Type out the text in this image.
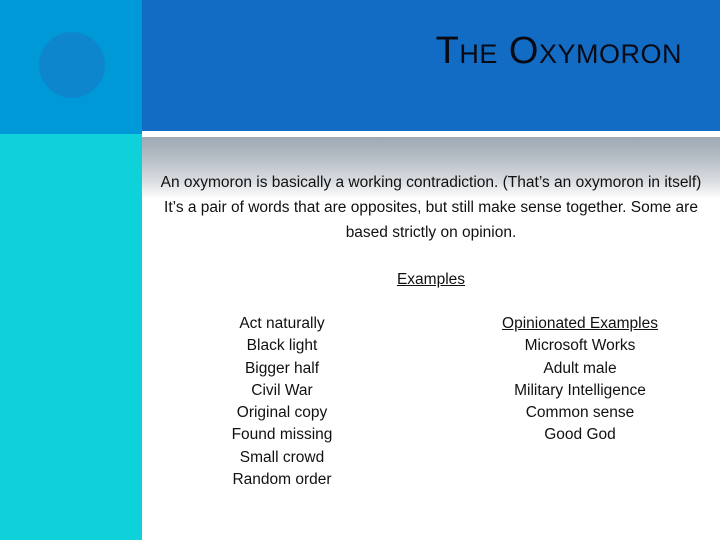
The Oxymoron
An oxymoron is basically a working contradiction. (That’s an oxymoron in itself) It’s a pair of words that are opposites, but still make sense together. Some are based strictly on opinion.
Examples
Act naturally
Black light
Bigger half
Civil War
Original copy
Found missing
Small crowd
Random order
Opinionated Examples
Microsoft Works
Adult male
Military Intelligence
Common sense
Good God
